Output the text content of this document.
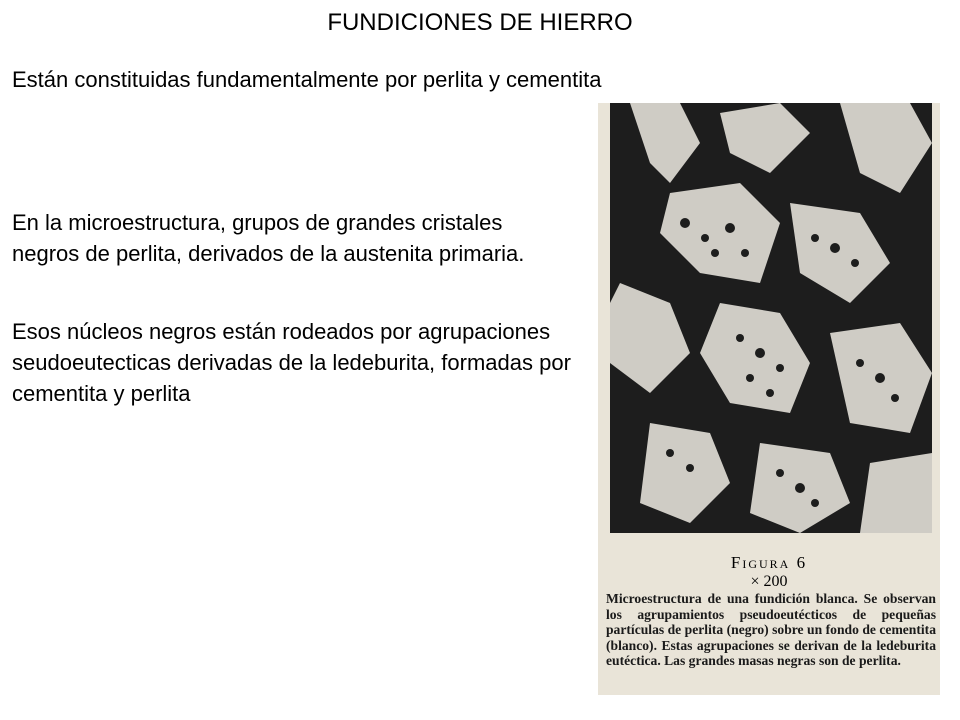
FUNDICIONES DE HIERRO
Están constituidas fundamentalmente por perlita y cementita
En la microestructura, grupos de grandes cristales negros de perlita, derivados de la austenita primaria.
Esos núcleos negros están rodeados por agrupaciones seudoeutecticas derivadas de la ledeburita, formadas por cementita y perlita
Figura 6
× 200
Microestructura de una fundición blanca. Se observan los agrupamientos pseudoeutécticos de pequeñas partículas de perlita (negro) sobre un fondo de cementita (blanco). Estas agrupaciones se derivan de la ledeburita eutéctica. Las grandes masas negras son de perlita.
